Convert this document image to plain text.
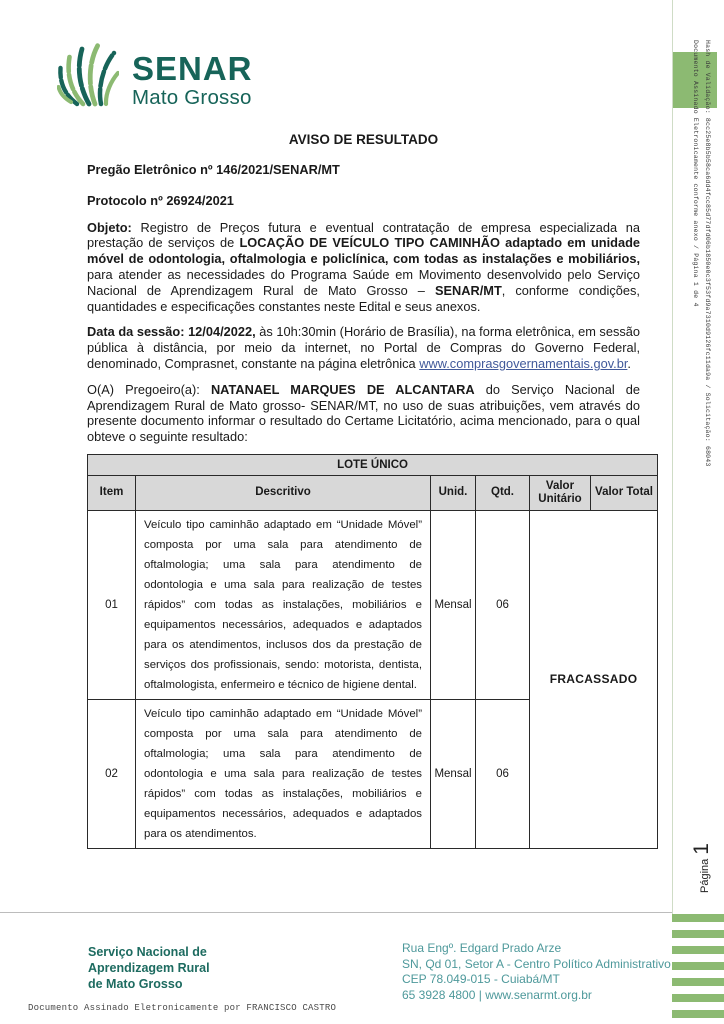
Hash de Validação: 8cc25e8b5b58ca6dd4fcc85d77dfd06b1850e0c3f53fd9a7310d9126fc11da9a / Solicitação: 68043
Documento Assinado Eletronicamente conforme anexo / Página 1 de 4
Página
1
SENAR
Mato Grosso
AVISO DE RESULTADO

Pregão Eletrônico nº 146/2021/SENAR/MT

Protocolo nº 26924/2021

Objeto: Registro de Preços futura e eventual contratação de empresa especializada na prestação de serviços de LOCAÇÃO DE VEÍCULO TIPO CAMINHÃO adaptado em unidade móvel de odontologia, oftalmologia e policlínica, com todas as instalações e mobiliários, para atender as necessidades do Programa Saúde em Movimento desenvolvido pelo Serviço Nacional de Aprendizagem Rural de Mato Grosso – SENAR/MT, conforme condições, quantidades e especificações constantes neste Edital e seus anexos.

Data da sessão: 12/04/2022, às 10h:30min (Horário de Brasília), na forma eletrônica, em sessão pública à distância, por meio da internet, no Portal de Compras do Governo Federal, denominado, Comprasnet, constante na página eletrônica www.comprasgovernamentais.gov.br.

O(A) Pregoeiro(a): NATANAEL MARQUES DE ALCANTARA do Serviço Nacional de Aprendizagem Rural de Mato grosso- SENAR/MT, no uso de suas atribuições, vem através do presente documento informar o resultado do Certame Licitatório, acima mencionado, para o qual obteve o seguinte resultado:

LOTE ÚNICO					
Item	Descritivo	Unid.	Qtd.	Valor Unitário	Valor Total
01	Veículo tipo caminhão adaptado em “Unidade Móvel” composta por uma sala para atendimento de oftalmologia; uma sala para atendimento de odontologia e uma sala para realização de testes rápidos” com todas as instalações, mobiliários e equipamentos necessários, adequados e adaptados para os atendimentos, inclusos dos da prestação de serviços dos profissionais, sendo: motorista, dentista, oftalmologista, enfermeiro e técnico de higiene dental.	Mensal	06	FRACASSADO	
02	Veículo tipo caminhão adaptado em “Unidade Móvel” composta por uma sala para atendimento de oftalmologia; uma sala para atendimento de odontologia e uma sala para realização de testes rápidos” com todas as instalações, mobiliários e equipamentos necessários, adequados e adaptados para os atendimentos.	Mensal	06		
Serviço Nacional de
Aprendizagem Rural
de Mato Grosso
Rua Engº. Edgard Prado Arze
SN, Qd 01, Setor A - Centro Político Administrativo
CEP 78.049-015 - Cuiabá/MT
65 3928 4800 | www.senarmt.org.br
Documento Assinado Eletronicamente por FRANCISCO CASTRO
